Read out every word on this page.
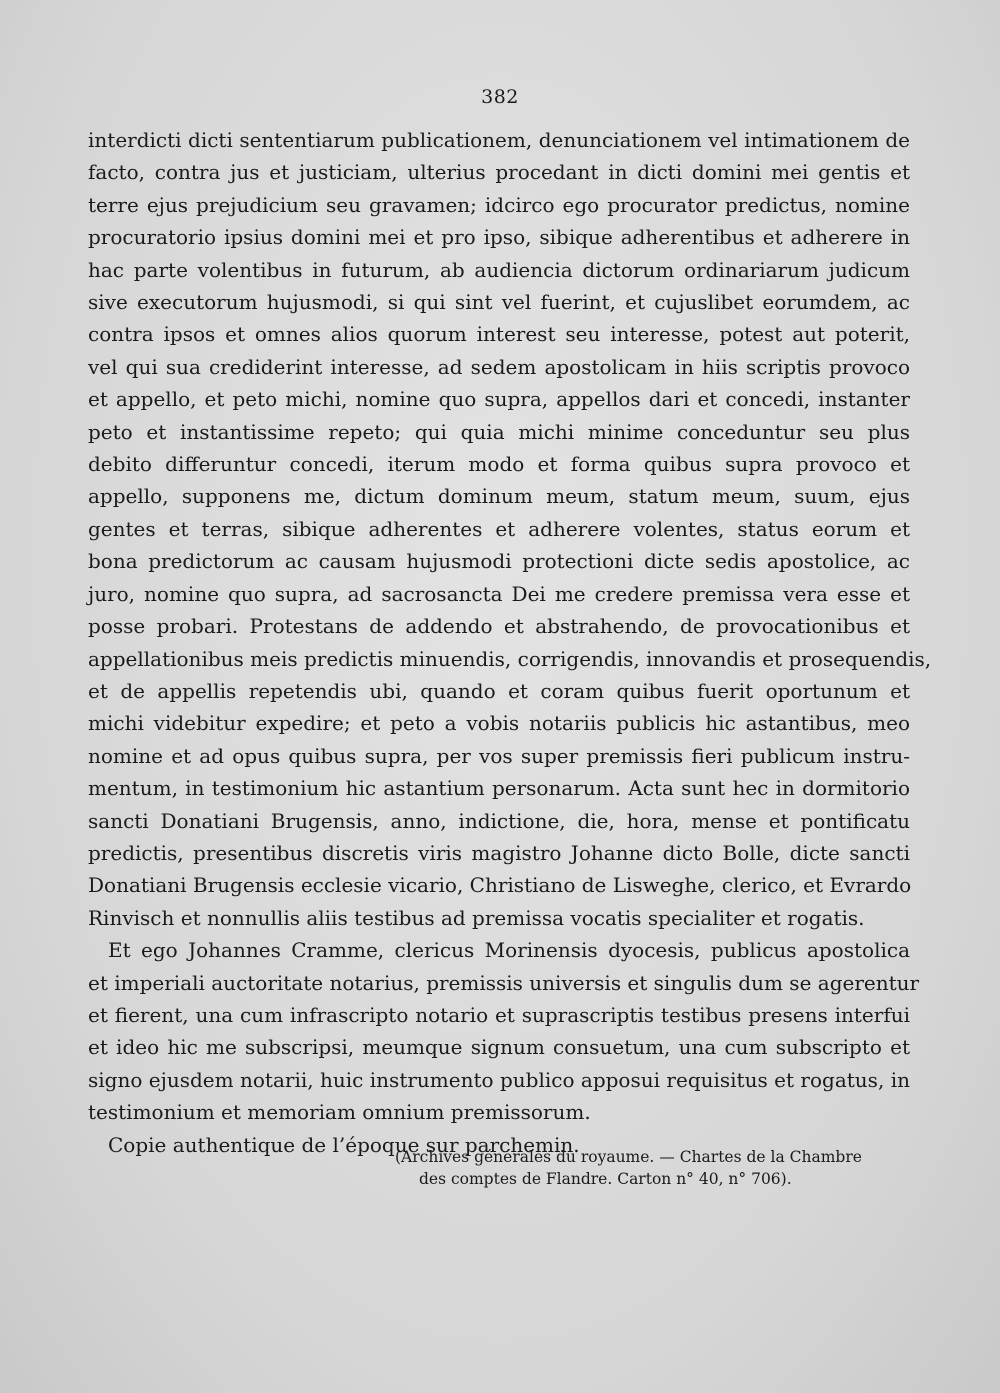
382

interdicti dicti sententiarum publicationem, denunciationem vel intimationem de
facto, contra jus et justiciam, ulterius procedant in dicti domini mei gentis et
terre ejus prejudicium seu gravamen; idcirco ego procurator predictus, nomine
procuratorio ipsius domini mei et pro ipso, sibique adherentibus et adherere in
hac parte volentibus in futurum, ab audiencia dictorum ordinariarum judicum
sive executorum hujusmodi, si qui sint vel fuerint, et cujuslibet eorumdem, ac
contra ipsos et omnes alios quorum interest seu interesse, potest aut poterit,
vel qui sua crediderint interesse, ad sedem apostolicam in hiis scriptis provoco
et appello, et peto michi, nomine quo supra, appellos dari et concedi, instanter
peto et instantissime repeto; qui quia michi minime conceduntur seu plus
debito differuntur concedi, iterum modo et forma quibus supra provoco et
appello, supponens me, dictum dominum meum, statum meum, suum, ejus
gentes et terras, sibique adherentes et adherere volentes, status eorum et
bona predictorum ac causam hujusmodi protectioni dicte sedis apostolice, ac
juro, nomine quo supra, ad sacrosancta Dei me credere premissa vera esse et
posse probari. Protestans de addendo et abstrahendo, de provocationibus et
appellationibus meis predictis minuendis, corrigendis, innovandis et prosequendis,
et de appellis repetendis ubi, quando et coram quibus fuerit oportunum et
michi videbitur expedire; et peto a vobis notariis publicis hic astantibus, meo
nomine et ad opus quibus supra, per vos super premissis fieri publicum instru-
mentum, in testimonium hic astantium personarum. Acta sunt hec in dormitorio
sancti Donatiani Brugensis, anno, indictione, die, hora, mense et pontificatu
predictis, presentibus discretis viris magistro Johanne dicto Bolle, dicte sancti
Donatiani Brugensis ecclesie vicario, Christiano de Lisweghe, clerico, et Evrardo
Rinvisch et nonnullis aliis testibus ad premissa vocatis specialiter et rogatis.

Et ego Johannes Cramme, clericus Morinensis dyocesis, publicus apostolica
et imperiali auctoritate notarius, premissis universis et singulis dum se agerentur
et fierent, una cum infrascripto notario et suprascriptis testibus presens interfui
et ideo hic me subscripsi, meumque signum consuetum, una cum subscripto et
signo ejusdem notarii, huic instrumento publico apposui requisitus et rogatus, in
testimonium et memoriam omnium premissorum.

Copie authentique de l’époque sur parchemin.

(Archives générales du royaume. — Chartes de la Chambre
des comptes de Flandre. Carton n° 40, n° 706).
